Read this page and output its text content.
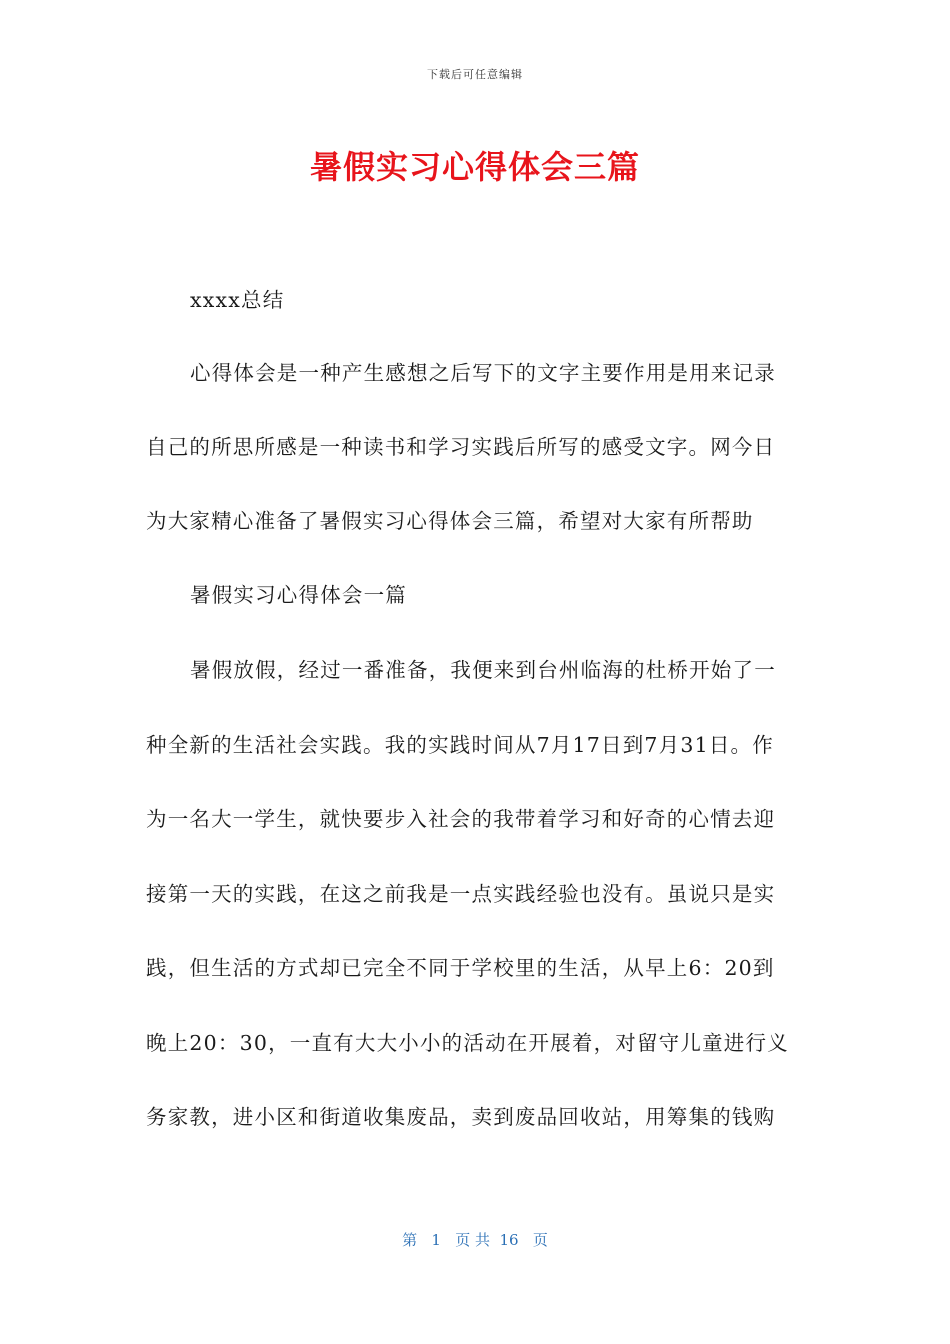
下载后可任意编辑
暑假实习心得体会三篇
xxxx总结
心得体会是一种产生感想之后写下的文字主要作用是用来记录
自己的所思所感是一种读书和学习实践后所写的感受文字。网今日
为大家精心准备了暑假实习心得体会三篇，希望对大家有所帮助
暑假实习心得体会一篇
暑假放假，经过一番准备，我便来到台州临海的杜桥开始了一
种全新的生活社会实践。我的实践时间从7月17日到7月31日。作
为一名大一学生，就快要步入社会的我带着学习和好奇的心情去迎
接第一天的实践，在这之前我是一点实践经验也没有。虽说只是实
践，但生活的方式却已完全不同于学校里的生活，从早上6：20到
晚上20：30，一直有大大小小的活动在开展着，对留守儿童进行义
务家教，进小区和街道收集废品，卖到废品回收站，用筹集的钱购
第   1   页 共  16   页
